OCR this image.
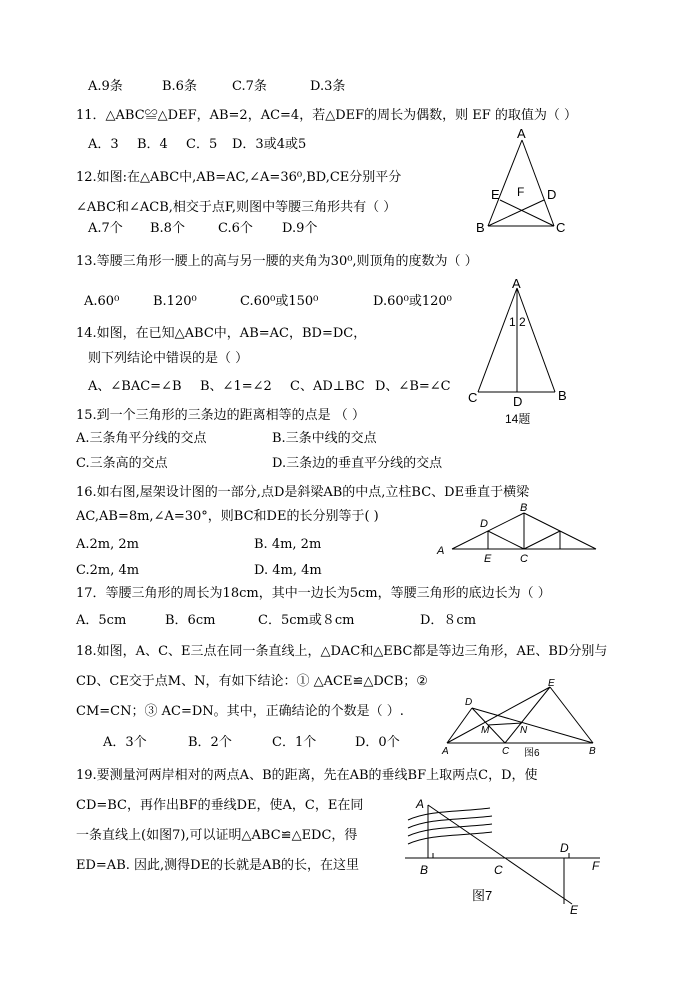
A.9条	B.6条	C.7条	D.3条
11．△ABC≌△DEF，AB=2，AC=4，若△DEF的周长为偶数，则 EF 的取值为（ ）
A．3 B．4 C．5 D．3或4或5
12.如图:在△ABC中,AB=AC,∠A=36⁰,BD,CE分别平分
∠ABC和∠ACB,相交于点F,则图中等腰三角形共有（ ）
A.7个 B.8个	C.6个 D.9个
A
B	C
D
E F
13.等腰三角形一腰上的高与另一腰的夹角为30⁰,则顶角的度数为（ ）
A.60⁰	B.120⁰	C.60⁰或150⁰	D.60⁰或120⁰
14.如图，在已知△ABC中，AB=AC，BD=DC，
则下列结论中错误的是（ ）
A、∠BAC=∠B B、∠1=∠2 C、AD⊥BC D、∠B=∠C
A
1 2
C	B
D
14题
15.到一个三角形的三条边的距离相等的点是 （ ）
A.三条角平分线的交点	B.三条中线的交点
C.三条高的交点	D.三条边的垂直平分线的交点
16.如右图,屋架设计图的一部分,点D是斜梁AB的中点,立柱BC、DE垂直于横梁
AC,AB=8m,∠A=30°，则BC和DE的长分别等于( )
A.2m, 2m	B. 4m, 2m
C.2m, 4m	D. 4m, 4m
A
B
C
D
E
17．等腰三角形的周长为18cm，其中一边长为5cm，等腰三角形的底边长为（ ）
A．5cm	B．6cm	C．5cm或８cm	D．８cm
18.如图，A、C、E三点在同一条直线上，△DAC和△EBC都是等边三角形，AE、BD分别与
CD、CE交于点M、N，有如下结论：① △ACE≌△DCB；②
CM=CN；③ AC=DN。其中，正确结论的个数是（ ）.
A．3个	B．2个	C．1个	D．0个
A	B
C
D
E
M	N
图6
19.要测量河两岸相对的两点A、B的距离，先在AB的垂线BF上取两点C，D，使
CD=BC，再作出BF的垂线DE，使A，C，E在同
一条直线上(如图7),可以证明△ABC≌△EDC，得
ED=AB. 因此,测得DE的长就是AB的长，在这里
A
B	C
D
E
F
图7
